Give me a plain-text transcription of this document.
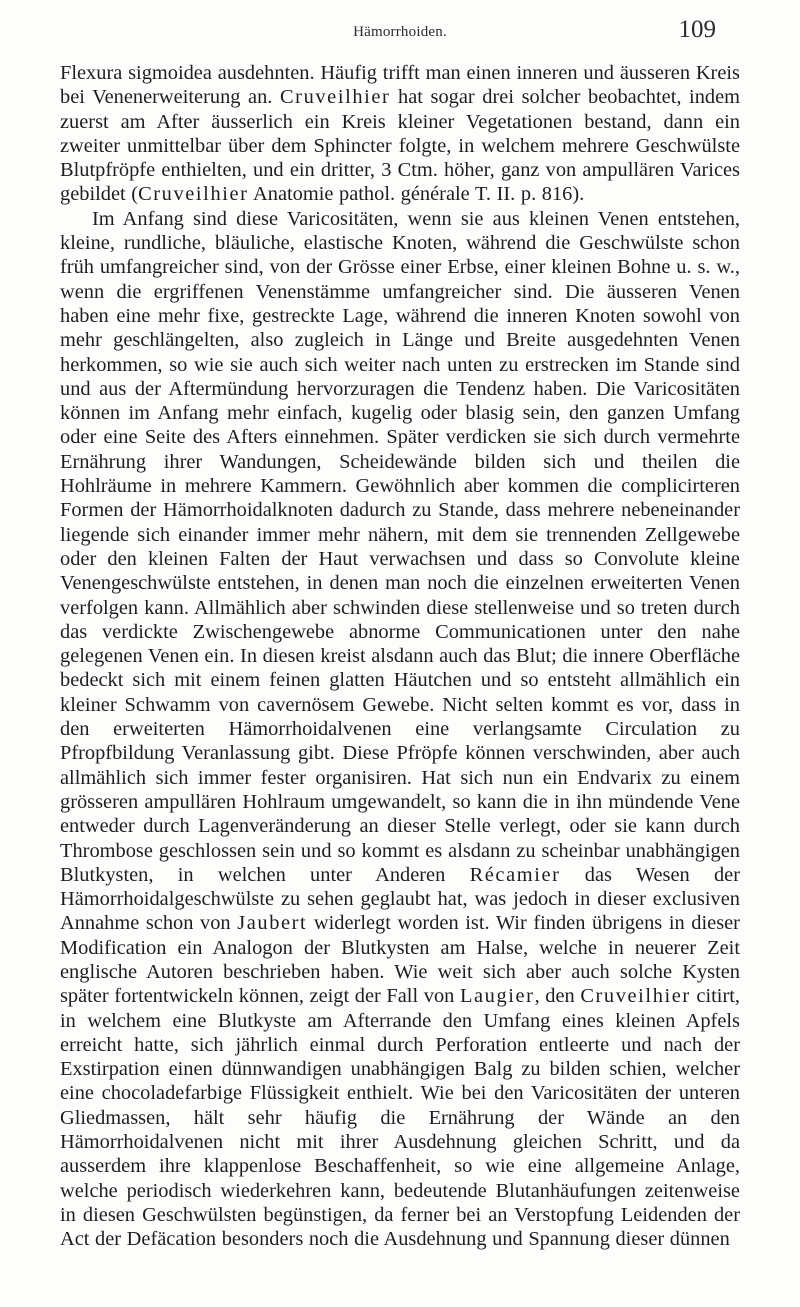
Hämorrhoiden.	109

Flexura sigmoidea ausdehnten. Häufig trifft man einen inneren und äusseren Kreis bei Venenerweiterung an. Cruveilhier hat sogar drei solcher beobachtet, indem zuerst am After äusserlich ein Kreis kleiner Vegetationen bestand, dann ein zweiter unmittelbar über dem Sphincter folgte, in welchem mehrere Geschwülste Blutpfröpfe enthielten, und ein dritter, 3 Ctm. höher, ganz von ampullären Varices gebildet (Cruveilhier Anatomie pathol. générale T. II. p. 816).

Im Anfang sind diese Varicositäten, wenn sie aus kleinen Venen entstehen, kleine, rundliche, bläuliche, elastische Knoten, während die Geschwülste schon früh umfangreicher sind, von der Grösse einer Erbse, einer kleinen Bohne u. s. w., wenn die ergriffenen Venenstämme umfangreicher sind. Die äusseren Venen haben eine mehr fixe, gestreckte Lage, während die inneren Knoten sowohl von mehr geschlängelten, also zugleich in Länge und Breite ausgedehnten Venen herkommen, so wie sie auch sich weiter nach unten zu erstrecken im Stande sind und aus der Aftermündung hervorzuragen die Tendenz haben. Die Varicositäten können im Anfang mehr einfach, kugelig oder blasig sein, den ganzen Umfang oder eine Seite des Afters einnehmen. Später verdicken sie sich durch vermehrte Ernährung ihrer Wandungen, Scheidewände bilden sich und theilen die Hohlräume in mehrere Kammern. Gewöhnlich aber kommen die complicirteren Formen der Hämorrhoidalknoten dadurch zu Stande, dass mehrere nebeneinander liegende sich einander immer mehr nähern, mit dem sie trennenden Zellgewebe oder den kleinen Falten der Haut verwachsen und dass so Convolute kleine Venengeschwülste entstehen, in denen man noch die einzelnen erweiterten Venen verfolgen kann. Allmählich aber schwinden diese stellenweise und so treten durch das verdickte Zwischengewebe abnorme Communicationen unter den nahe gelegenen Venen ein. In diesen kreist alsdann auch das Blut; die innere Oberfläche bedeckt sich mit einem feinen glatten Häutchen und so entsteht allmählich ein kleiner Schwamm von cavernösem Gewebe. Nicht selten kommt es vor, dass in den erweiterten Hämorrhoidalvenen eine verlangsamte Circulation zu Pfropfbildung Veranlassung gibt. Diese Pfröpfe können verschwinden, aber auch allmählich sich immer fester organisiren. Hat sich nun ein Endvarix zu einem grösseren ampullären Hohlraum umgewandelt, so kann die in ihn mündende Vene entweder durch Lagenveränderung an dieser Stelle verlegt, oder sie kann durch Thrombose geschlossen sein und so kommt es alsdann zu scheinbar unabhängigen Blutkysten, in welchen unter Anderen Récamier das Wesen der Hämorrhoidalgeschwülste zu sehen geglaubt hat, was jedoch in dieser exclusiven Annahme schon von Jaubert widerlegt worden ist. Wir finden übrigens in dieser Modification ein Analogon der Blutkysten am Halse, welche in neuerer Zeit englische Autoren beschrieben haben. Wie weit sich aber auch solche Kysten später fortentwickeln können, zeigt der Fall von Laugier, den Cruveilhier citirt, in welchem eine Blutkyste am Afterrande den Umfang eines kleinen Apfels erreicht hatte, sich jährlich einmal durch Perforation entleerte und nach der Exstirpation einen dünnwandigen unabhängigen Balg zu bilden schien, welcher eine chocoladefarbige Flüssigkeit enthielt. Wie bei den Varicositäten der unteren Gliedmassen, hält sehr häufig die Ernährung der Wände an den Hämorrhoidalvenen nicht mit ihrer Ausdehnung gleichen Schritt, und da ausserdem ihre klappenlose Beschaffenheit, so wie eine allgemeine Anlage, welche periodisch wiederkehren kann, bedeutende Blutanhäufungen zeitenweise in diesen Geschwülsten begünstigen, da ferner bei an Verstopfung Leidenden der Act der Defäcation besonders noch die Ausdehnung und Spannung dieser dünnen
